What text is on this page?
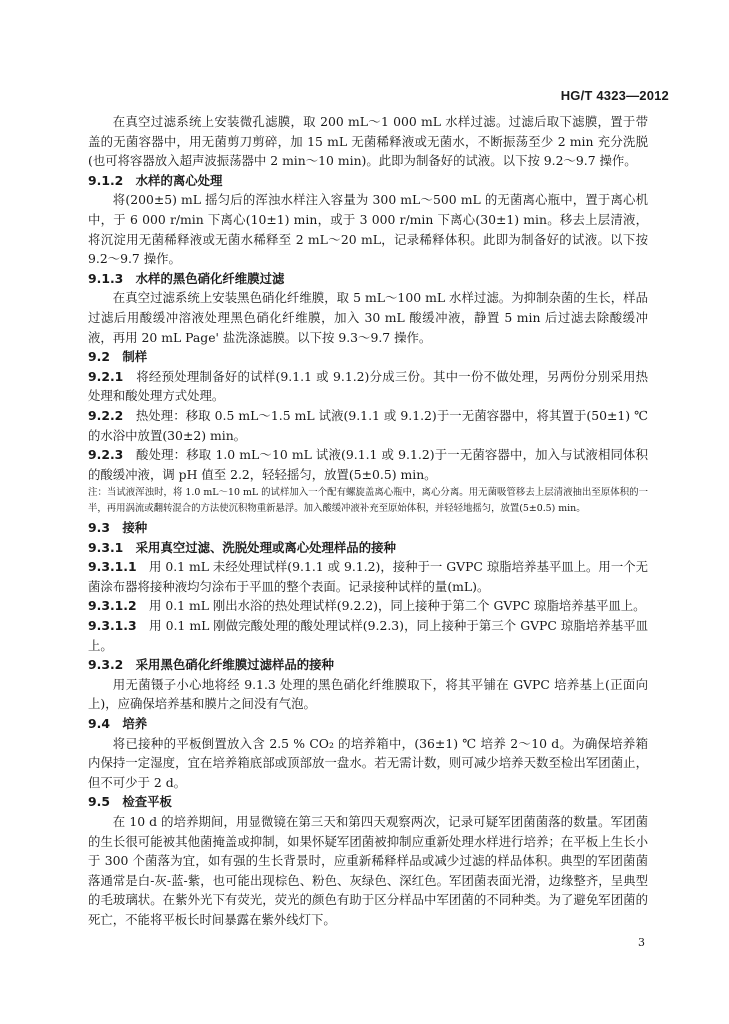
HG/T 4323—2012

在真空过滤系统上安装微孔滤膜，取 200 mL～1 000 mL 水样过滤。过滤后取下滤膜，置于带盖的无菌容器中，用无菌剪刀剪碎，加 15 mL 无菌稀释液或无菌水，不断振荡至少 2 min 充分洗脱(也可将容器放入超声波振荡器中 2 min～10 min)。此即为制备好的试液。以下按 9.2～9.7 操作。

9.1.2　水样的离心处理

将(200±5) mL 摇匀后的浑浊水样注入容量为 300 mL～500 mL 的无菌离心瓶中，置于离心机中，于 6 000 r/min 下离心(10±1) min，或于 3 000 r/min 下离心(30±1) min。移去上层清液，将沉淀用无菌稀释液或无菌水稀释至 2 mL～20 mL，记录稀释体积。此即为制备好的试液。以下按 9.2～9.7 操作。

9.1.3　水样的黑色硝化纤维膜过滤

在真空过滤系统上安装黑色硝化纤维膜，取 5 mL～100 mL 水样过滤。为抑制杂菌的生长，样品过滤后用酸缓冲溶液处理黑色硝化纤维膜，加入 30 mL 酸缓冲液，静置 5 min 后过滤去除酸缓冲液，再用 20 mL Page' 盐洗涤滤膜。以下按 9.3～9.7 操作。

9.2　制样

9.2.1　 将经预处理制备好的试样(9.1.1 或 9.1.2)分成三份。其中一份不做处理，另两份分别采用热处理和酸处理方式处理。

9.2.2　 热处理：移取 0.5 mL～1.5 mL 试液(9.1.1 或 9.1.2)于一无菌容器中，将其置于(50±1) ℃ 的水浴中放置(30±2) min。

9.2.3　 酸处理：移取 1.0 mL～10 mL 试液(9.1.1 或 9.1.2)于一无菌容器中，加入与试液相同体积的酸缓冲液，调 pH 值至 2.2，轻轻摇匀，放置(5±0.5) min。

注：当试液浑浊时，将 1.0 mL～10 mL 的试样加入一个配有螺旋盖离心瓶中，离心分离。用无菌吸管移去上层清液抽出至原体积的一半，再用涡流或翻转混合的方法使沉积物重新悬浮。加入酸缓冲液补充至原始体积，并轻轻地摇匀，放置(5±0.5) min。

9.3　接种

9.3.1　采用真空过滤、洗脱处理或离心处理样品的接种

9.3.1.1　 用 0.1 mL 未经处理试样(9.1.1 或 9.1.2)，接种于一 GVPC 琼脂培养基平皿上。用一个无菌涂布器将接种液均匀涂布于平皿的整个表面。记录接种试样的量(mL)。

9.3.1.2　 用 0.1 mL 刚出水浴的热处理试样(9.2.2)，同上接种于第二个 GVPC 琼脂培养基平皿上。

9.3.1.3　 用 0.1 mL 刚做完酸处理的酸处理试样(9.2.3)，同上接种于第三个 GVPC 琼脂培养基平皿上。

9.3.2　采用黑色硝化纤维膜过滤样品的接种

用无菌镊子小心地将经 9.1.3 处理的黑色硝化纤维膜取下，将其平铺在 GVPC 培养基上(正面向上)，应确保培养基和膜片之间没有气泡。

9.4　培养

将已接种的平板倒置放入含 2.5 % CO₂ 的培养箱中，(36±1) ℃ 培养 2～10 d。为确保培养箱内保持一定湿度，宜在培养箱底部或顶部放一盘水。若无需计数，则可减少培养天数至检出军团菌止，但不可少于 2 d。

9.5　检查平板

在 10 d 的培养期间，用显微镜在第三天和第四天观察两次，记录可疑军团菌菌落的数量。军团菌的生长很可能被其他菌掩盖或抑制，如果怀疑军团菌被抑制应重新处理水样进行培养；在平板上生长小于 300 个菌落为宜，如有强的生长背景时，应重新稀释样品或减少过滤的样品体积。典型的军团菌菌落通常是白-灰-蓝-紫，也可能出现棕色、粉色、灰绿色、深红色。军团菌表面光滑，边缘整齐，呈典型的毛玻璃状。在紫外光下有荧光，荧光的颜色有助于区分样品中军团菌的不同种类。为了避免军团菌的死亡，不能将平板长时间暴露在紫外线灯下。

3
